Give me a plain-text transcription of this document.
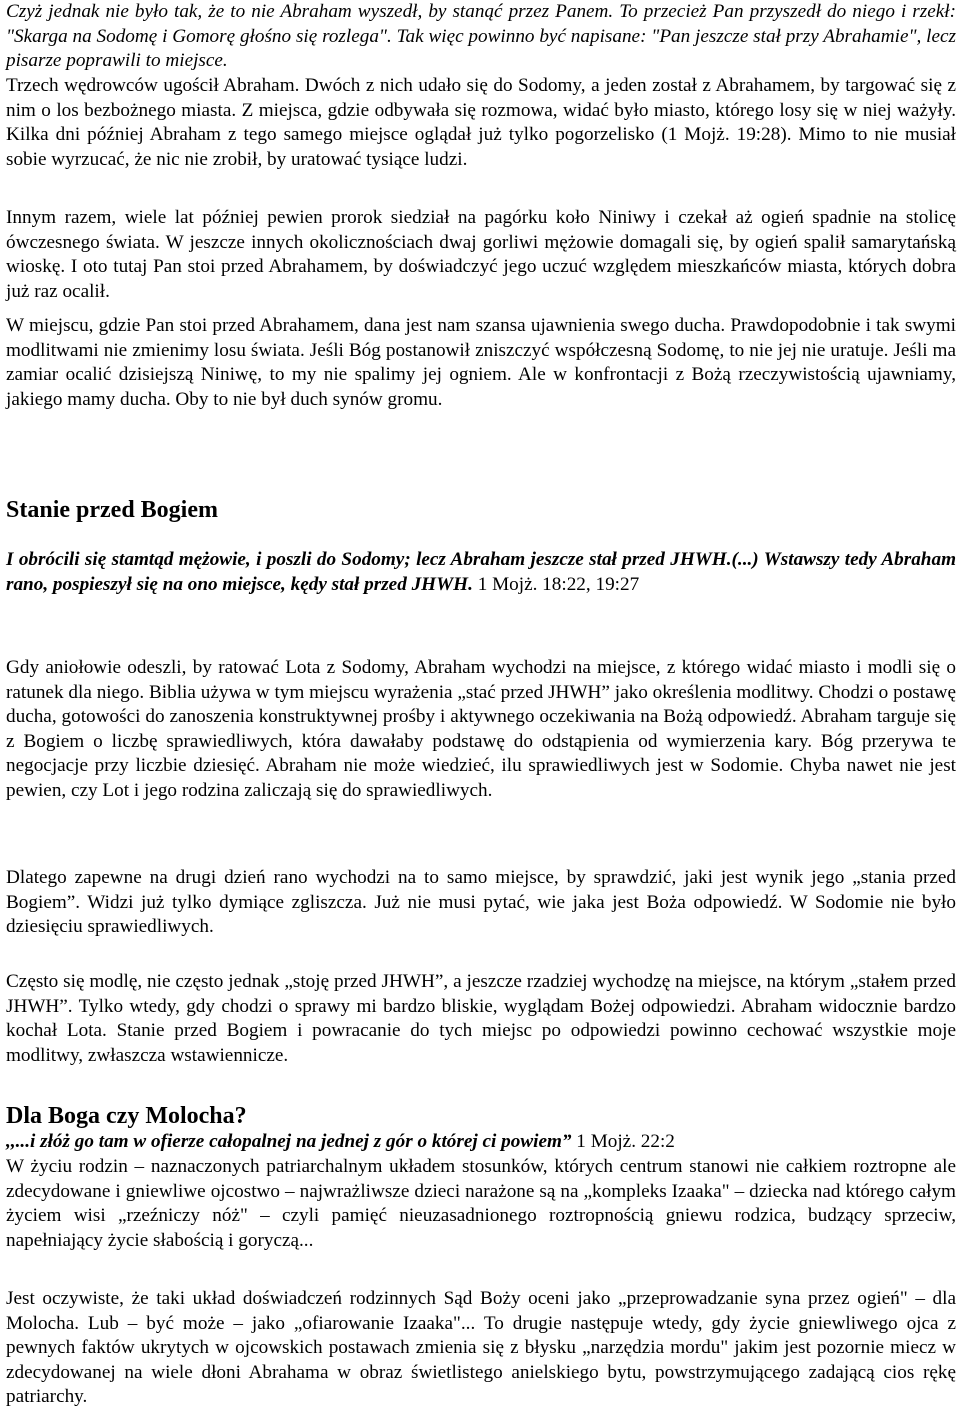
Czyż jednak nie było tak, że to nie Abraham wyszedł, by stanąć przez Panem. To przecież Pan przyszedł do niego i rzekł: "Skarga na Sodomę i Gomorę głośno się rozlega". Tak więc powinno być napisane: "Pan jeszcze stał przy Abrahamie", lecz pisarze poprawili to miejsce.

Trzech wędrowców ugościł Abraham. Dwóch z nich udało się do Sodomy, a jeden został z Abrahamem, by targować się z nim o los bezbożnego miasta. Z miejsca, gdzie odbywała się rozmowa, widać było miasto, którego losy się w niej ważyły. Kilka dni później Abraham z tego samego miejsce oglądał już tylko pogorzelisko (1 Mojż. 19:28). Mimo to nie musiał sobie wyrzucać, że nic nie zrobił, by uratować tysiące ludzi.

Innym razem, wiele lat później pewien prorok siedział na pagórku koło Niniwy i czekał aż ogień spadnie na stolicę ówczesnego świata. W jeszcze innych okolicznościach dwaj gorliwi mężowie domagali się, by ogień spalił samarytańską wioskę. I oto tutaj Pan stoi przed Abrahamem, by doświadczyć jego uczuć względem mieszkańców miasta, których dobra już raz ocalił.

W miejscu, gdzie Pan stoi przed Abrahamem, dana jest nam szansa ujawnienia swego ducha. Prawdopodobnie i tak swymi modlitwami nie zmienimy losu świata. Jeśli Bóg postanowił zniszczyć współczesną Sodomę, to nie jej nie uratuje. Jeśli ma zamiar ocalić dzisiejszą Niniwę, to my nie spalimy jej ogniem. Ale w konfrontacji z Bożą rzeczywistością ujawniamy, jakiego mamy ducha. Oby to nie był duch synów gromu.

Stanie przed Bogiem

I obrócili się stamtąd mężowie, i poszli do Sodomy; lecz Abraham jeszcze stał przed JHWH.(...) Wstawszy tedy Abraham rano, pospieszył się na ono miejsce, kędy stał przed JHWH. 1 Mojż. 18:22, 19:27

Gdy aniołowie odeszli, by ratować Lota z Sodomy, Abraham wychodzi na miejsce, z którego widać miasto i modli się o ratunek dla niego. Biblia używa w tym miejscu wyrażenia „stać przed JHWH” jako określenia modlitwy. Chodzi o postawę ducha, gotowości do zanoszenia konstruktywnej prośby i aktywnego oczekiwania na Bożą odpowiedź. Abraham targuje się z Bogiem o liczbę sprawiedliwych, która dawałaby podstawę do odstąpienia od wymierzenia kary. Bóg przerywa te negocjacje przy liczbie dziesięć. Abraham nie może wiedzieć, ilu sprawiedliwych jest w Sodomie. Chyba nawet nie jest pewien, czy Lot i jego rodzina zaliczają się do sprawiedliwych.

Dlatego zapewne na drugi dzień rano wychodzi na to samo miejsce, by sprawdzić, jaki jest wynik jego „stania przed Bogiem”. Widzi już tylko dymiące zgliszcza. Już nie musi pytać, wie jaka jest Boża odpowiedź. W Sodomie nie było dziesięciu sprawiedliwych.

Często się modlę, nie często jednak „stoję przed JHWH”, a jeszcze rzadziej wychodzę na miejsce, na którym „stałem przed JHWH”. Tylko wtedy, gdy chodzi o sprawy mi bardzo bliskie, wyglądam Bożej odpowiedzi. Abraham widocznie bardzo kochał Lota. Stanie przed Bogiem i powracanie do tych miejsc po odpowiedzi powinno cechować wszystkie moje modlitwy, zwłaszcza wstawiennicze.

Dla Boga czy Molocha?

,,...i złóż go tam w ofierze całopalnej na jednej z gór o której ci powiem” 1 Mojż. 22:2

W życiu rodzin – naznaczonych patriarchalnym układem stosunków, których centrum stanowi nie całkiem roztropne ale zdecydowane i gniewliwe ojcostwo – najwrażliwsze dzieci narażone są na „kompleks Izaaka" – dziecka nad którego całym życiem wisi „rzeźniczy nóż" – czyli pamięć nieuzasadnionego roztropnością gniewu rodzica, budzący sprzeciw, napełniający życie słabością i goryczą...

Jest oczywiste, że taki układ doświadczeń rodzinnych Sąd Boży oceni jako „przeprowadzanie syna przez ogień" – dla Molocha. Lub – być może – jako „ofiarowanie Izaaka"... To drugie następuje wtedy, gdy życie gniewliwego ojca z pewnych faktów ukrytych w ojcowskich postawach zmienia się z błysku „narzędzia mordu" jakim jest pozornie miecz w zdecydowanej na wiele dłoni Abrahama w obraz świetlistego anielskiego bytu, powstrzymującego zadającą cios rękę patriarchy.
